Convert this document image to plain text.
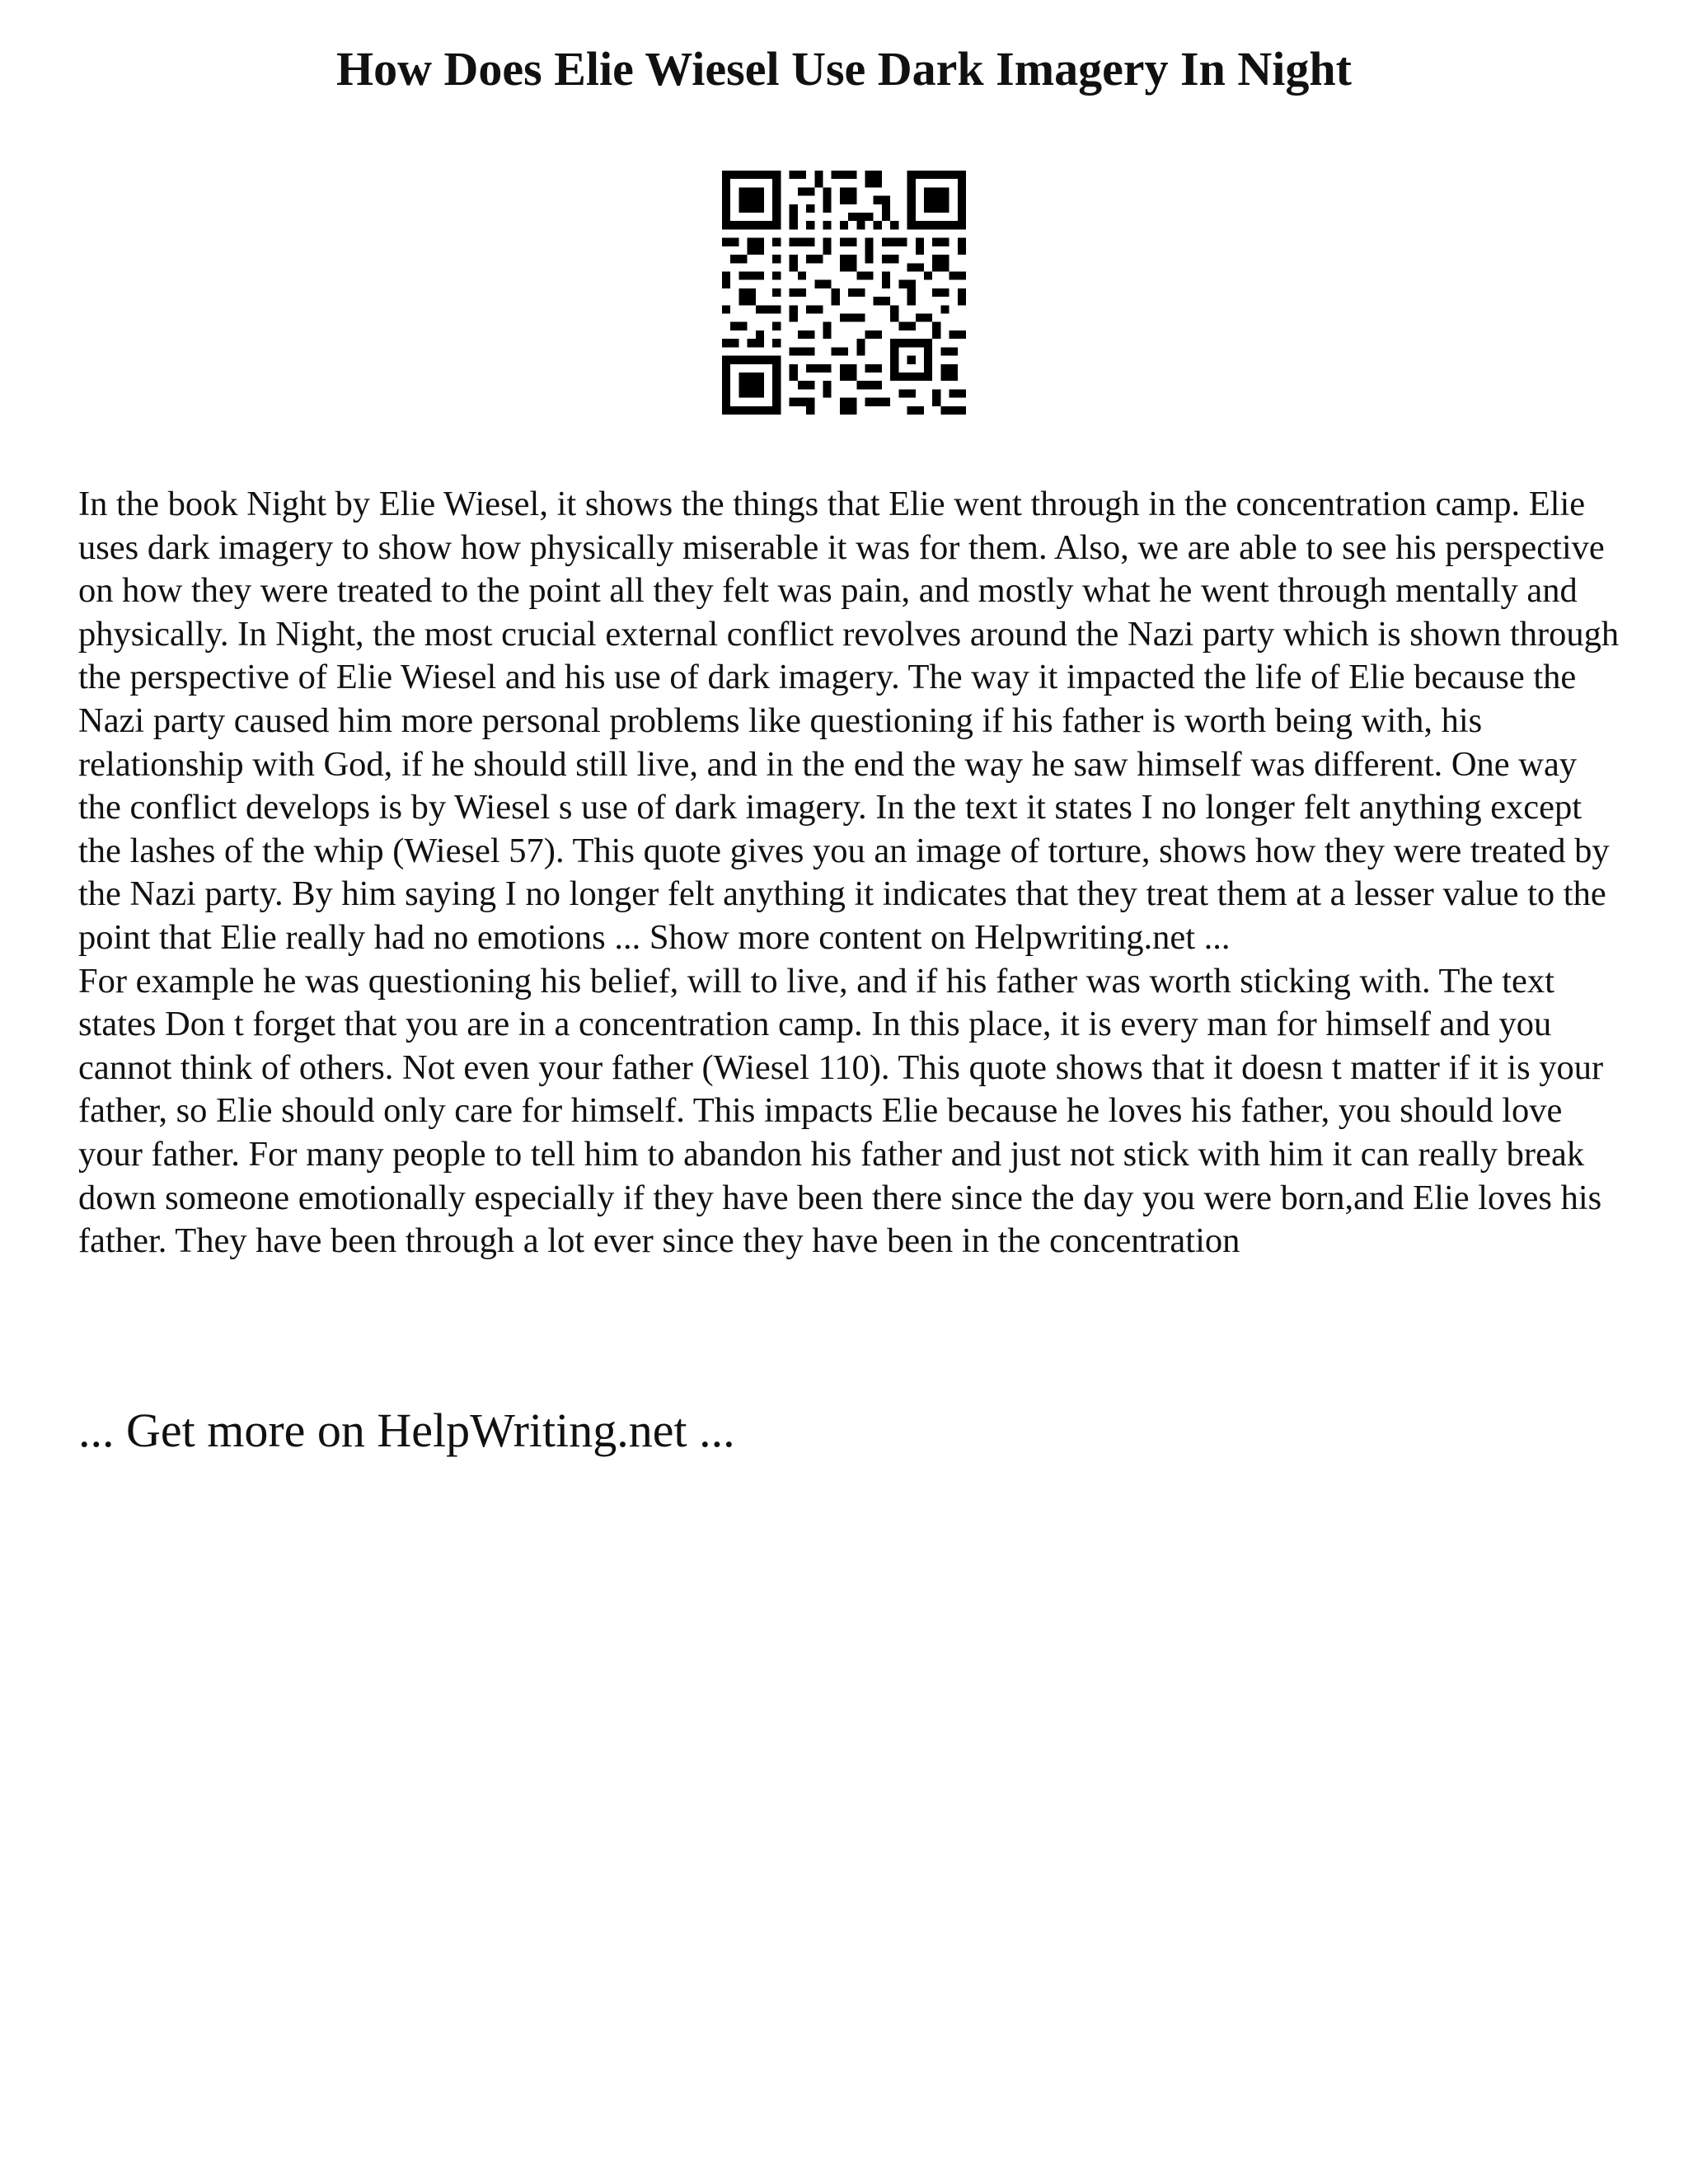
How Does Elie Wiesel Use Dark Imagery In Night

In the book Night by Elie Wiesel, it shows the things that Elie went through in the concentration camp. Elie uses dark imagery to show how physically miserable it was for them. Also, we are able to see his perspective on how they were treated to the point all they felt was pain, and mostly what he went through mentally and physically. In Night, the most crucial external conflict revolves around the Nazi party which is shown through the perspective of Elie Wiesel and his use of dark imagery. The way it impacted the life of Elie because the Nazi party caused him more personal problems like questioning if his father is worth being with, his relationship with God, if he should still live, and in the end the way he saw himself was different. One way the conflict develops is by Wiesel s use of dark imagery. In the text it states I no longer felt anything except the lashes of the whip (Wiesel 57). This quote gives you an image of torture, shows how they were treated by the Nazi party. By him saying I no longer felt anything it indicates that they treat them at a lesser value to the point that Elie really had no emotions ... Show more content on Helpwriting.net ...

For example he was questioning his belief, will to live, and if his father was worth sticking with. The text states Don t forget that you are in a concentration camp. In this place, it is every man for himself and you cannot think of others. Not even your father (Wiesel 110). This quote shows that it doesn t matter if it is your father, so Elie should only care for himself. This impacts Elie because he loves his father, you should love your father. For many people to tell him to abandon his father and just not stick with him it can really break down someone emotionally especially if they have been there since the day you were born,and Elie loves his father. They have been through a lot ever since they have been in the concentration

... Get more on HelpWriting.net ...
